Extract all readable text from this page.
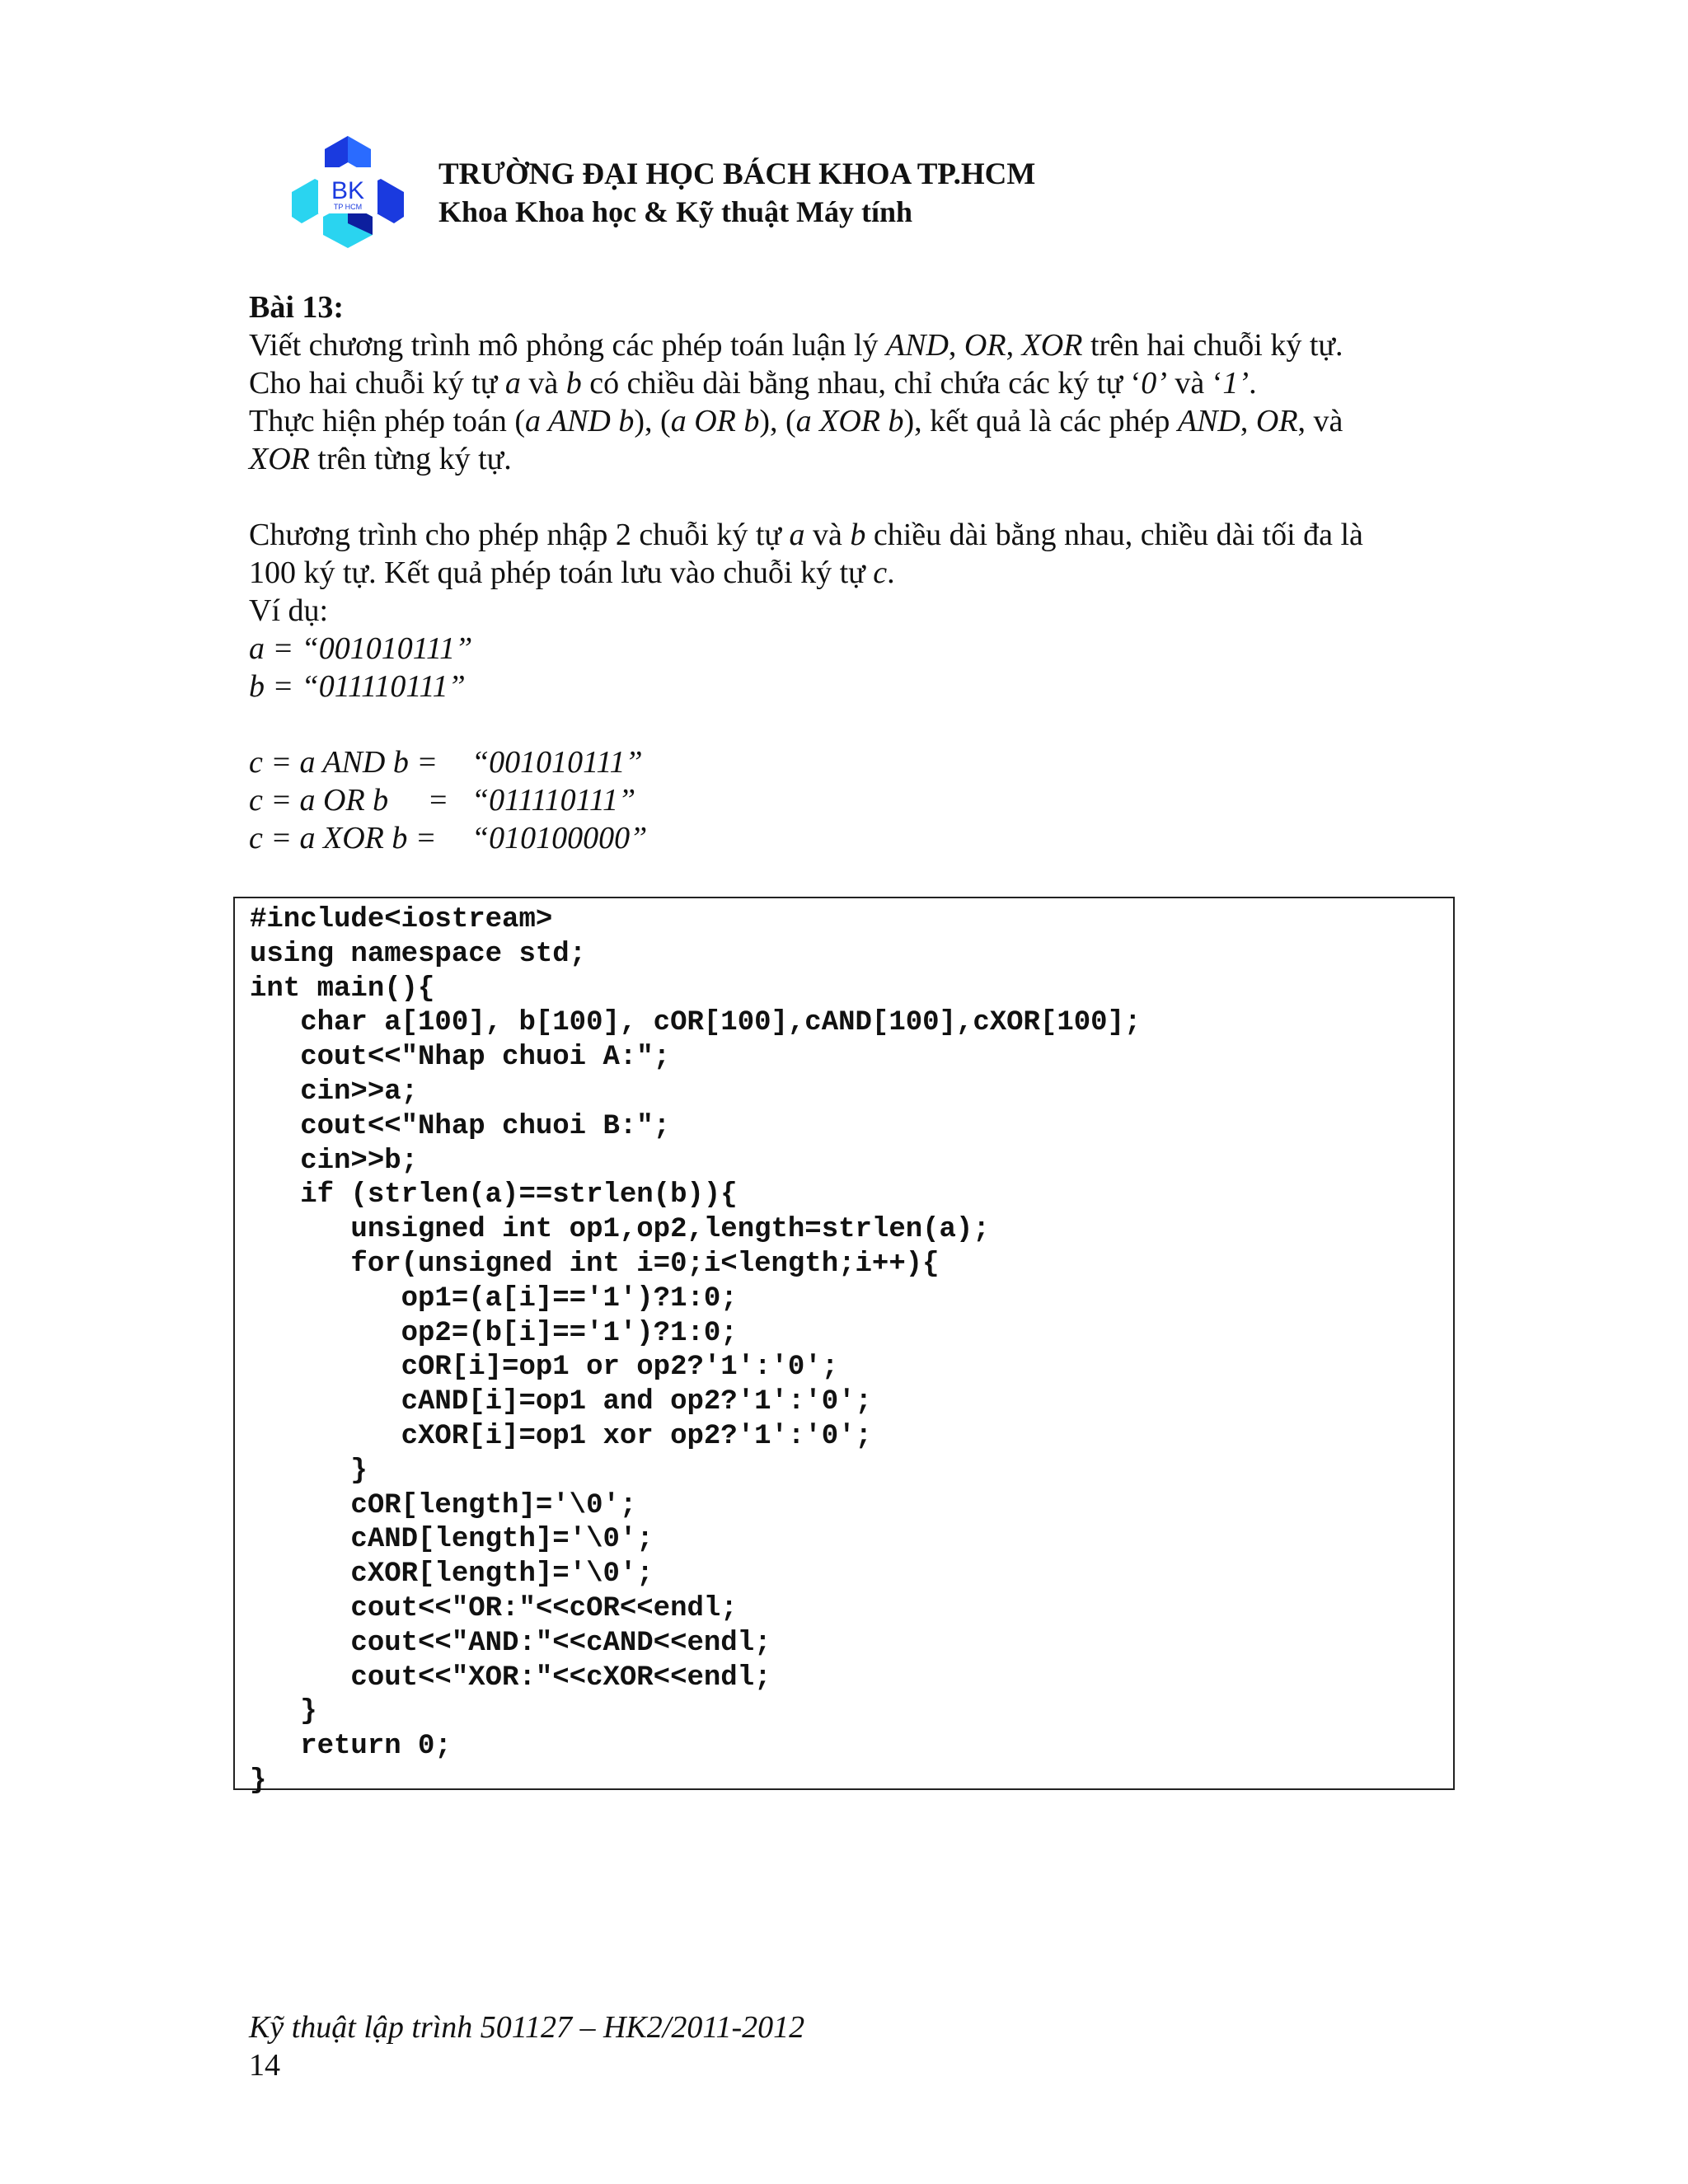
BK
TP HCM
TRƯỜNG ĐẠI HỌC BÁCH KHOA TP.HCM
Khoa Khoa học & Kỹ thuật Máy tính

Bài 13:

Viết chương trình mô phỏng các phép toán luận lý AND, OR, XOR trên hai chuỗi ký tự.

Cho hai chuỗi ký tự a và b có chiều dài bằng nhau, chỉ chứa các ký tự ‘0’ và ‘1’.

Thực hiện phép toán (a AND b), (a OR b), (a XOR b), kết quả là các phép AND, OR, và

XOR trên từng ký tự.

Chương trình cho phép nhập 2 chuỗi ký tự a và b chiều dài bằng nhau, chiều dài tối đa là

100 ký tự. Kết quả phép toán lưu vào chuỗi ký tự c.

Ví dụ:

a = “001010111”

b = “011110111”

c = a AND b =	“001010111”
c = a OR b     = “011110111”
c = a XOR b =	“010100000”
#include<iostream>
using namespace std;
int main(){
char a[100], b[100], cOR[100],cAND[100],cXOR[100];
cout<<"Nhap chuoi A:";
cin>>a;
cout<<"Nhap chuoi B:";
cin>>b;
if (strlen(a)==strlen(b)){
unsigned int op1,op2,length=strlen(a);
for(unsigned int i=0;i<length;i++){
op1=(a[i]=='1')?1:0;
op2=(b[i]=='1')?1:0;
cOR[i]=op1 or op2?'1':'0';
cAND[i]=op1 and op2?'1':'0';
cXOR[i]=op1 xor op2?'1':'0';
}
cOR[length]='\0';
cAND[length]='\0';
cXOR[length]='\0';
cout<<"OR:"<<cOR<<endl;
cout<<"AND:"<<cAND<<endl;
cout<<"XOR:"<<cXOR<<endl;
}
return 0;
}
Kỹ thuật lập trình 501127 – HK2/2011-2012
14
